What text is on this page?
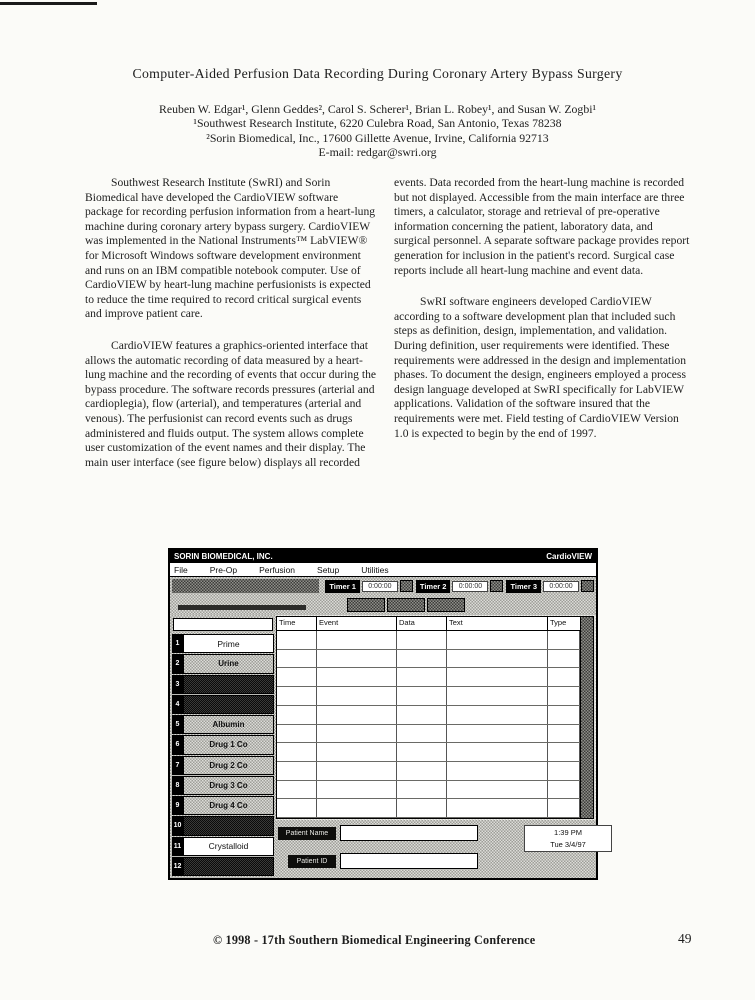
Computer-Aided Perfusion Data Recording During Coronary Artery Bypass Surgery
Reuben W. Edgar¹, Glenn Geddes², Carol S. Scherer¹, Brian L. Robey¹, and Susan W. Zogbi¹
¹Southwest Research Institute, 6220 Culebra Road, San Antonio, Texas 78238
²Sorin Biomedical, Inc., 17600 Gillette Avenue, Irvine, California 92713
E-mail: redgar@swri.org

Southwest Research Institute (SwRI) and Sorin Biomedical have developed the CardioVIEW software package for recording perfusion information from a heart-lung machine during coronary artery bypass surgery. CardioVIEW was implemented in the National Instruments™ LabVIEW® for Microsoft Windows software development environment and runs on an IBM compatible notebook computer. Use of CardioVIEW by heart-lung machine perfusionists is expected to reduce the time required to record critical surgical events and improve patient care.

CardioVIEW features a graphics-oriented interface that allows the automatic recording of data measured by a heart-lung machine and the recording of events that occur during the bypass procedure. The software records pressures (arterial and cardioplegia), flow (arterial), and temperatures (arterial and venous). The perfusionist can record events such as drugs administered and fluids output. The system allows complete user customization of the event names and their display. The main user interface (see figure below) displays all recorded

events. Data recorded from the heart-lung machine is recorded but not displayed. Accessible from the main interface are three timers, a calculator, storage and retrieval of pre-operative information concerning the patient, laboratory data, and surgical personnel. A separate software package provides report generation for inclusion in the patient's record. Surgical case reports include all heart-lung machine and event data.

SwRI software engineers developed CardioVIEW according to a software development plan that included such steps as definition, design, implementation, and validation. During definition, user requirements were identified. These requirements were addressed in the design and implementation phases. To document the design, engineers employed a process design language developed at SwRI specifically for LabVIEW applications. Validation of the software insured that the requirements were met. Field testing of CardioVIEW Version 1.0 is expected to begin by the end of 1997.

SORIN BIOMEDICAL, INC.	CardioVIEW
File	Pre-Op	Perfusion	Setup	Utilities
Timer 1	0:00:00	Timer 2	0:00:00	Timer 3	0:00:00
1	Prime
2	Urine
3
4
5	Albumin
6	Drug 1 Co
7	Drug 2 Co
8	Drug 3 Co
9	Drug 4 Co
10
11	Crystalloid
12
Time	Event	Data	Text	Type
Patient Name
Patient ID
1:39 PM
Tue 3/4/97
© 1998 - 17th Southern Biomedical Engineering Conference	49
